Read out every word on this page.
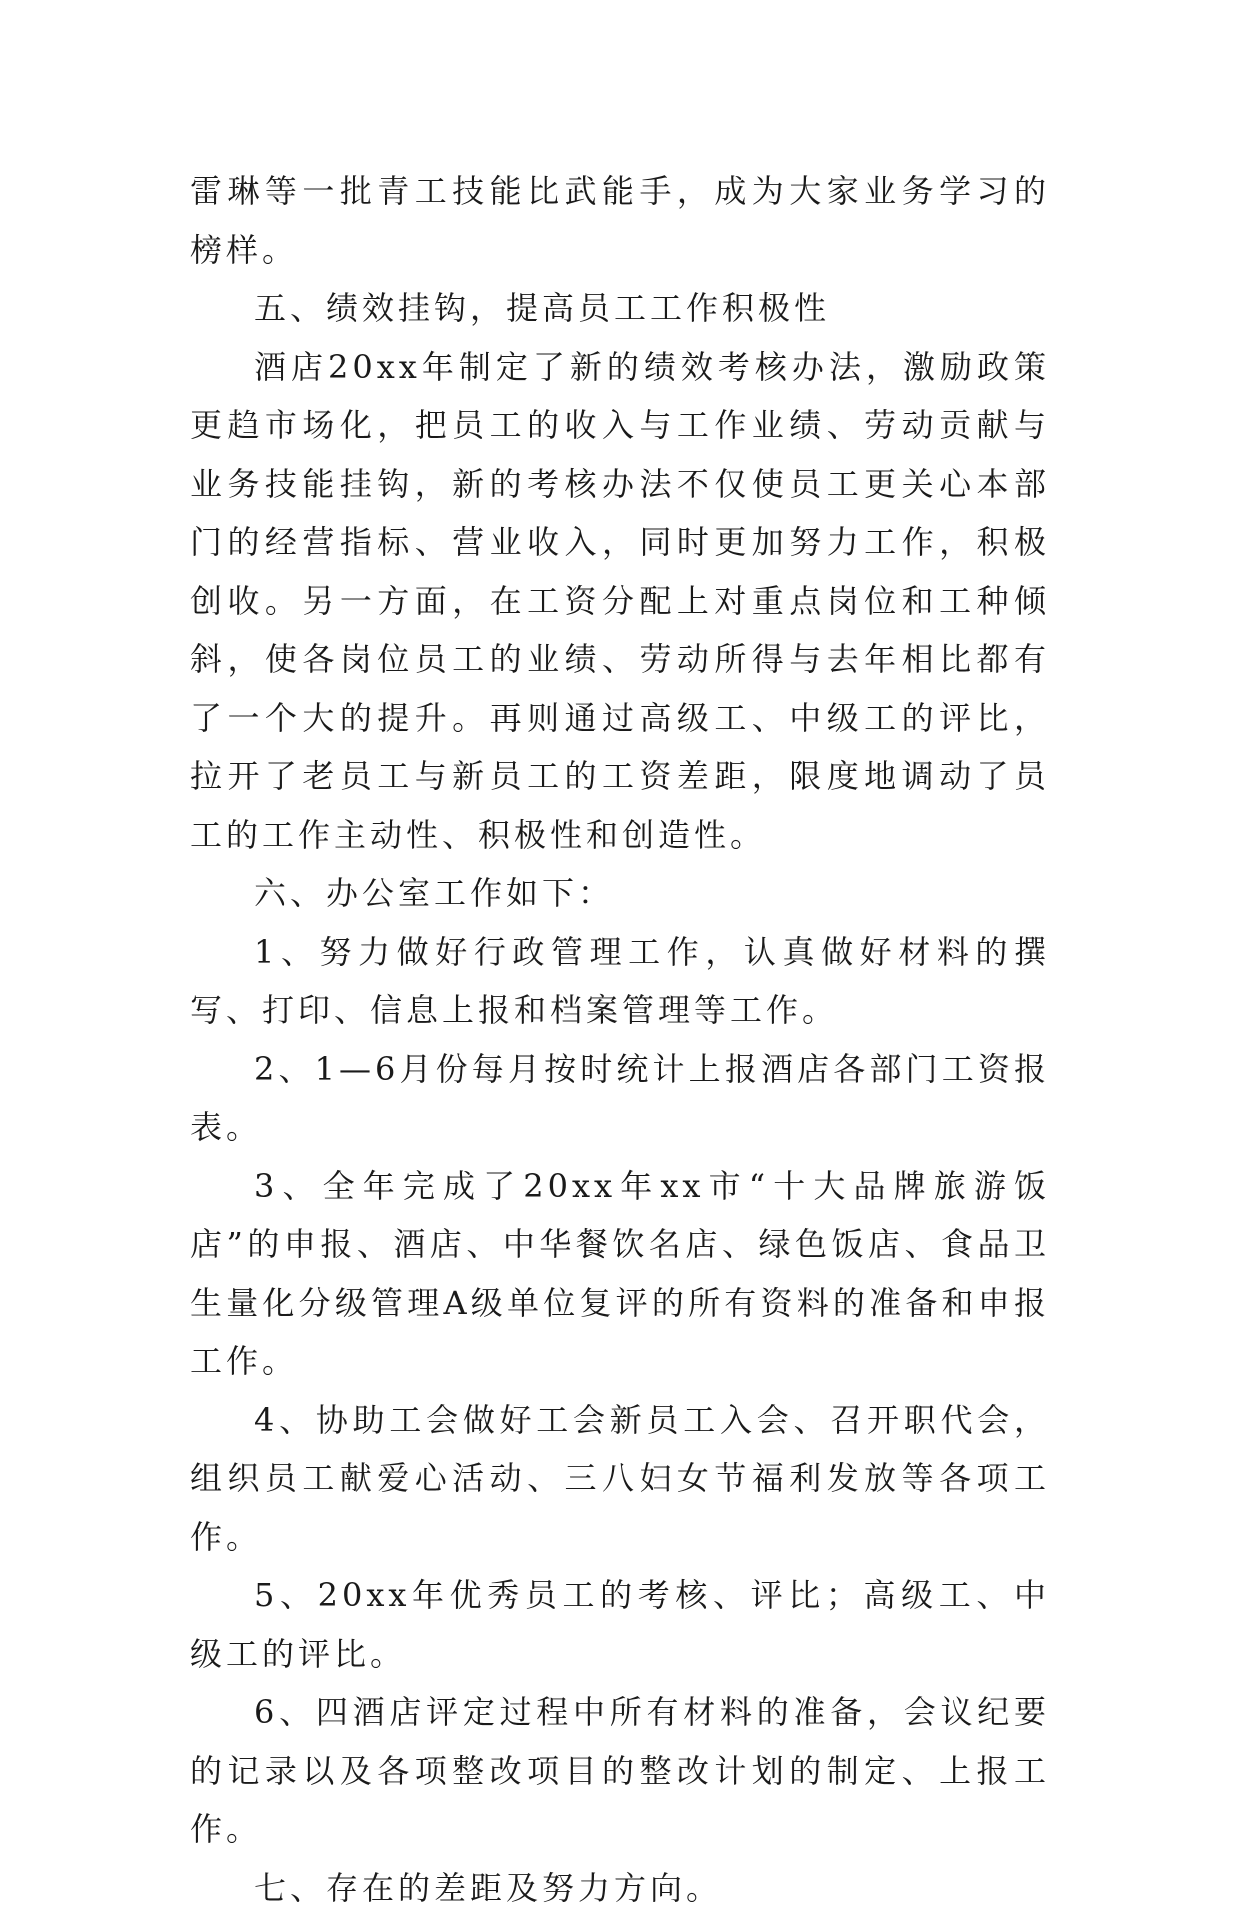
雷琳等一批青工技能比武能手，成为大家业务学习的榜样。

五、绩效挂钩，提高员工工作积极性

酒店20xx年制定了新的绩效考核办法，激励政策更趋市场化，把员工的收入与工作业绩、劳动贡献与业务技能挂钩，新的考核办法不仅使员工更关心本部门的经营指标、营业收入，同时更加努力工作，积极创收。另一方面，在工资分配上对重点岗位和工种倾斜，使各岗位员工的业绩、劳动所得与去年相比都有了一个大的提升。再则通过高级工、中级工的评比，拉开了老员工与新员工的工资差距，限度地调动了员工的工作主动性、积极性和创造性。

六、办公室工作如下：

1、努力做好行政管理工作，认真做好材料的撰写、打印、信息上报和档案管理等工作。

2、1—6月份每月按时统计上报酒店各部门工资报表。

3、全年完成了20xx年xx市“十大品牌旅游饭店”的申报、酒店、中华餐饮名店、绿色饭店、食品卫生量化分级管理A级单位复评的所有资料的准备和申报工作。

4、协助工会做好工会新员工入会、召开职代会，组织员工献爱心活动、三八妇女节福利发放等各项工作。

5、20xx年优秀员工的考核、评比；高级工、中级工的评比。

6、四酒店评定过程中所有材料的准备，会议纪要的记录以及各项整改项目的整改计划的制定、上报工作。

七、存在的差距及努力方向。
